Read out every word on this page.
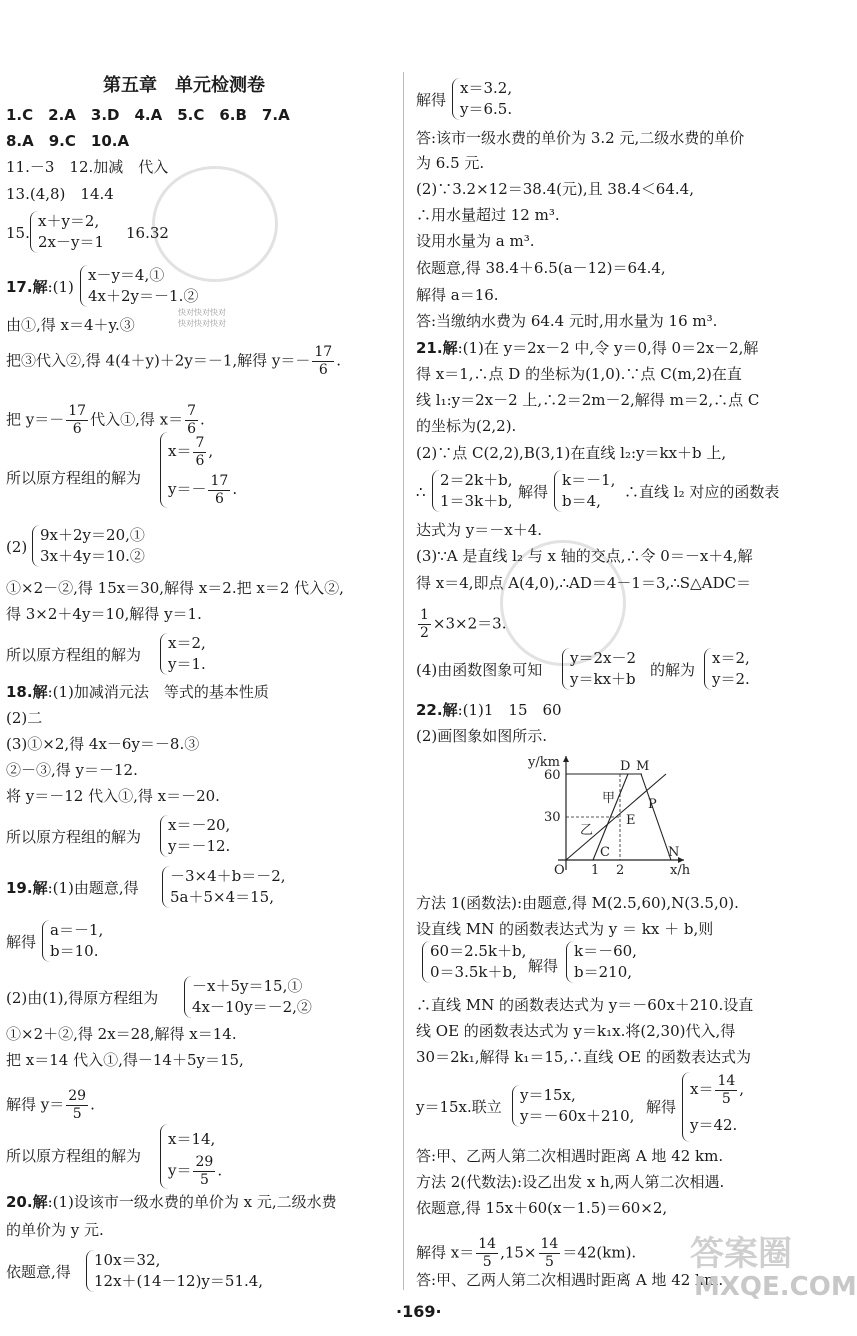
快对快对快对
快对快对快对
第五章　单元检测卷
1.C　2.A　3.D　4.A　5.C　6.B　7.A
8.A　9.C　10.A
11.－3　12.加减　代入
13.(4,8)　14.4
15.
x＋y＝2,
2x－y＝1 16.32
17.解:(1)
x－y＝4,①
4x＋2y＝－1.②
由①,得 x＝4＋y.③
把③代入②,得 4(4＋y)＋2y＝－1,解得 $y=- \frac{17}{6}$ .
把 $y=- \frac{17}{6}$ 代入①,得 $x= \frac{7}{6}$ .
所以原方程组的解为
$x= \frac{7}{6}$ ,
$y=- \frac{17}{6}$ .
(2)
9x＋2y＝20,①
3x＋4y＝10.②
①×2－②,得 15x＝30,解得 x＝2.把 x＝2 代入②,
得 3×2＋4y＝10,解得 y＝1.
所以原方程组的解为
x＝2,
y＝1.
18.解:(1)加减消元法　等式的基本性质
(2)二
(3)①×2,得 4x－6y＝－8.③
②－③,得 y＝－12.
将 y＝－12 代入①,得 x＝－20.
所以原方程组的解为
x＝－20,
y＝－12.
19.解:(1)由题意,得
－3×4＋b＝－2,
5a＋5×4＝15,
解得
a＝－1,
b＝10.
(2)由(1),得原方程组为
－x＋5y＝15,①
4x－10y＝－2,②
①×2＋②,得 2x＝28,解得 x＝14.
把 x＝14 代入①,得－14＋5y＝15,
解得 $y= \frac{29}{5}$ .
所以原方程组的解为
x＝14,
$y= \frac{29}{5}$ .
20.解:(1)设该市一级水费的单价为 x 元,二级水费
的单价为 y 元.
依题意,得
10x＝32,
12x＋(14－12)y＝51.4,
解得
x＝3.2,
y＝6.5.
答:该市一级水费的单价为 3.2 元,二级水费的单价
为 6.5 元.
(2)∵3.2×12＝38.4(元),且 38.4＜64.4,
∴用水量超过 12 m³.
设用水量为 a m³.
依题意,得 38.4＋6.5(a－12)＝64.4,
解得 a＝16.
答:当缴纳水费为 64.4 元时,用水量为 16 m³.
21.解:(1)在 y＝2x－2 中,令 y＝0,得 0＝2x－2,解
得 x＝1,∴点 D 的坐标为(1,0).∵点 C(m,2)在直
线 l₁:y＝2x－2 上,∴2＝2m－2,解得 m＝2,∴点 C
的坐标为(2,2).
(2)∵点 C(2,2),B(3,1)在直线 l₂:y＝kx＋b 上,
∴
2＝2k＋b,
1＝3k＋b, 解得
k＝－1,
b＝4,	∴直线 l₂ 对应的函数表
达式为 y＝－x＋4.
(3)∵A 是直线 l₂ 与 x 轴的交点,∴令 0＝－x＋4,解
得 x＝4,即点 A(4,0),∴AD＝4－1＝3,∴S△ADC＝
$\frac{1}{2} \times 3\times 2=3$.
(4)由函数图象可知
y＝2x－2
y＝kx＋b 的解为
x＝2,
y＝2.
22.解:(1)1　15　60
(2)画图象如图所示.
y/km
x/h
60
30
1 2
O
D M
P
E
C	N
甲
乙
方法 1(函数法):由题意,得 M(2.5,60),N(3.5,0).
设直线 MN 的函数表达式为 y ＝ kx ＋ b,则
60＝2.5k＋b,
0＝3.5k＋b, 解得
k＝－60,
b＝210,
∴直线 MN 的函数表达式为 y＝－60x＋210.设直
线 OE 的函数表达式为 y＝k₁x.将(2,30)代入,得
30＝2k₁,解得 k₁＝15,∴直线 OE 的函数表达式为
y＝15x.联立
y＝15x,
y＝－60x＋210, 解得
$x= \frac{14}{5}$ ,
y＝42.
答:甲、乙两人第二次相遇时距离 A 地 42 km.
方法 2(代数法):设乙出发 x h,两人第二次相遇.
依题意,得 15x＋60(x－1.5)＝60×2,
解得 $x= \frac{14}{5} ,15\times \frac{14}{5} =42(km)$.
答:甲、乙两人第二次相遇时距离 A 地 42 km.
·169·
答案圈
MXQE.COM
